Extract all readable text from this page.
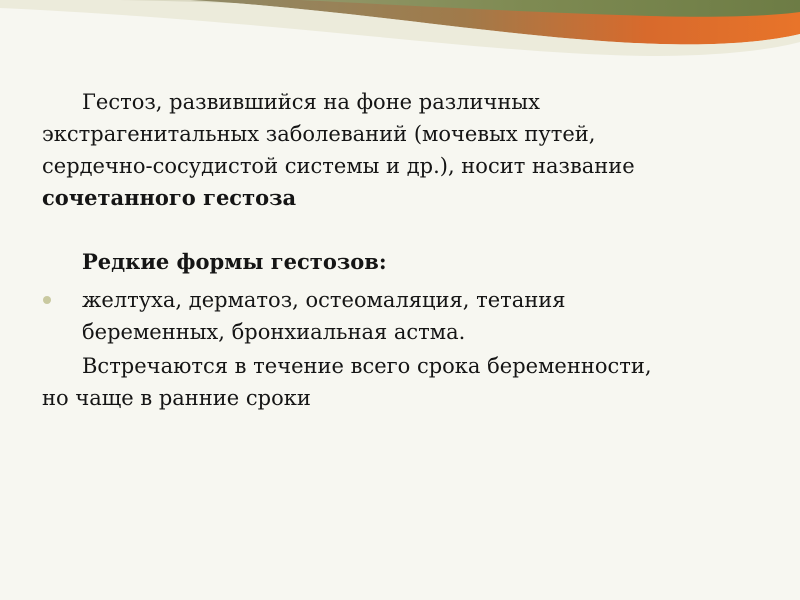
Гестоз, развившийся на фоне различных

экстрагенитальных заболеваний (мочевых путей,
сердечно-сосудистой системы и др.), носит название
сочетанного гестоза

Редкие формы гестозов:

желтуха, дерматоз, остеомаляция, тетания
беременных, бронхиальная астма.

Встречаются в течение всего срока беременности,

но чаще в ранние сроки
